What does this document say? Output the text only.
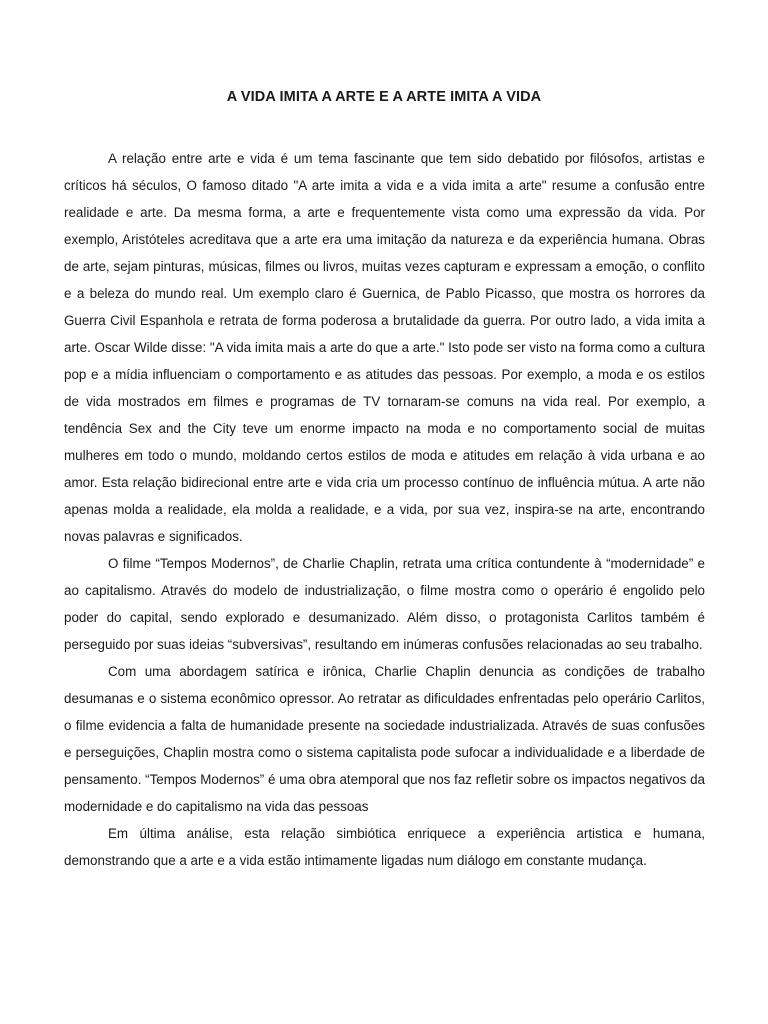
A VIDA IMITA A ARTE E A ARTE IMITA A VIDA

A relação entre arte e vida é um tema fascinante que tem sido debatido por filósofos, artistas e críticos há séculos, O famoso ditado "A arte imita a vida e a vida imita a arte" resume a confusão entre realidade e arte. Da mesma forma, a arte e frequentemente vista como uma expressão da vida. Por exemplo, Aristóteles acreditava que a arte era uma imitação da natureza e da experiência humana. Obras de arte, sejam pinturas, músicas, filmes ou livros, muitas vezes capturam e expressam a emoção, o conflito e a beleza do mundo real. Um exemplo claro é Guernica, de Pablo Picasso, que mostra os horrores da Guerra Civil Espanhola e retrata de forma poderosa a brutalidade da guerra. Por outro lado, a vida imita a arte. Oscar Wilde disse: "A vida imita mais a arte do que a arte." Isto pode ser visto na forma como a cultura pop e a mídia influenciam o comportamento e as atitudes das pessoas. Por exemplo, a moda e os estilos de vida mostrados em filmes e programas de TV tornaram-se comuns na vida real. Por exemplo, a tendência Sex and the City teve um enorme impacto na moda e no comportamento social de muitas mulheres em todo o mundo, moldando certos estilos de moda e atitudes em relação à vida urbana e ao amor. Esta relação bidirecional entre arte e vida cria um processo contínuo de influência mútua. A arte não apenas molda a realidade, ela molda a realidade, e a vida, por sua vez, inspira-se na arte, encontrando novas palavras e significados.

O filme “Tempos Modernos”, de Charlie Chaplin, retrata uma crítica contundente à “modernidade” e ao capitalismo. Através do modelo de industrialização, o filme mostra como o operário é engolido pelo poder do capital, sendo explorado e desumanizado. Além disso, o protagonista Carlitos também é perseguido por suas ideias “subversivas”, resultando em inúmeras confusões relacionadas ao seu trabalho.

Com uma abordagem satírica e irônica, Charlie Chaplin denuncia as condições de trabalho desumanas e o sistema econômico opressor. Ao retratar as dificuldades enfrentadas pelo operário Carlitos, o filme evidencia a falta de humanidade presente na sociedade industrializada. Através de suas confusões e perseguições, Chaplin mostra como o sistema capitalista pode sufocar a individualidade e a liberdade de pensamento. “Tempos Modernos” é uma obra atemporal que nos faz refletir sobre os impactos negativos da modernidade e do capitalismo na vida das pessoas

Em última análise, esta relação simbiótica enriquece a experiência artistica e humana, demonstrando que a arte e a vida estão intimamente ligadas num diálogo em constante mudança.
